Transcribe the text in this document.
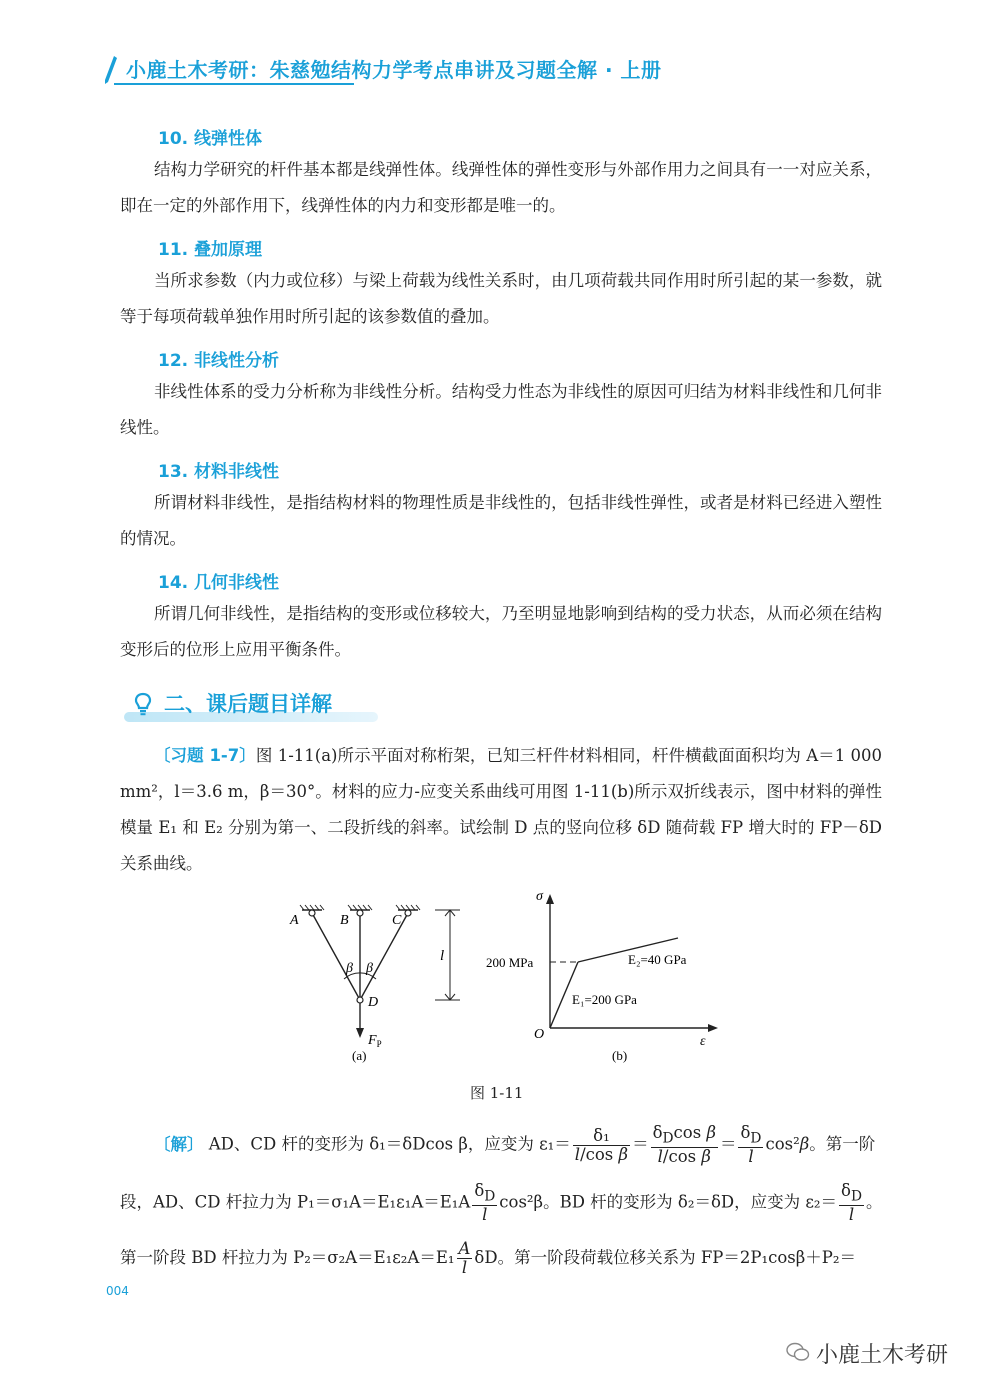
小鹿土木考研：朱慈勉结构力学考点串讲及习题全解 · 上册
10. 线弹性体
结构力学研究的杆件基本都是线弹性体。线弹性体的弹性变形与外部作用力之间具有一一对应关系，即在一定的外部作用下，线弹性体的内力和变形都是唯一的。
11. 叠加原理
当所求参数（内力或位移）与梁上荷载为线性关系时，由几项荷载共同作用时所引起的某一参数，就等于每项荷载单独作用时所引起的该参数值的叠加。
12. 非线性分析
非线性体系的受力分析称为非线性分析。结构受力性态为非线性的原因可归结为材料非线性和几何非线性。
13. 材料非线性
所谓材料非线性，是指结构材料的物理性质是非线性的，包括非线性弹性，或者是材料已经进入塑性的情况。
14. 几何非线性
所谓几何非线性，是指结构的变形或位移较大，乃至明显地影响到结构的受力状态，从而必须在结构变形后的位形上应用平衡条件。
二、课后题目详解
〔习题 1-7〕图 1-11(a)所示平面对称桁架，已知三杆件材料相同，杆件横截面面积均为 A＝1 000 mm²，l＝3.6 m，β＝30°。材料的应力-应变关系曲线可用图 1-11(b)所示双折线表示，图中材料的弹性模量 E₁ 和 E₂ 分别为第一、二段折线的斜率。试绘制 D 点的竖向位移 δD 随荷载 FP 增大时的 FP－δD 关系曲线。
A	B	C
D
β β
l
$F_P$
(a)
σ
ε
O
200 MPa	E₂=40 GPa
E₁=200 GPa
(b)
图 1-11
〔解〕 AD、CD 杆的变形为 δ₁＝δDcos β，应变为 $\varepsilon_1= \frac{\text{δ₁}}{\text{l/cos β}} = \frac{\delta_D\cos \beta}{\text{l/cos β}} = \frac{\delta_D}{l} \cos^2\beta$。第一阶
段，AD、CD 杆拉力为 $P_1=\sigma_1A=E_1\varepsilon_1A=E_1A \frac{\delta_D}{l} \cos^2\beta$。BD 杆的变形为 δ₂＝δD，应变为 $\varepsilon_2= \frac{\delta_D}{l}$ 。
第一阶段 BD 杆拉力为 $P_2=\sigma_2A=E_1\varepsilon_2A=E_1 \frac{A}{l}$ δD。第一阶段荷载位移关系为 FP＝2P₁cosβ＋P₂＝
004
小鹿土木考研
